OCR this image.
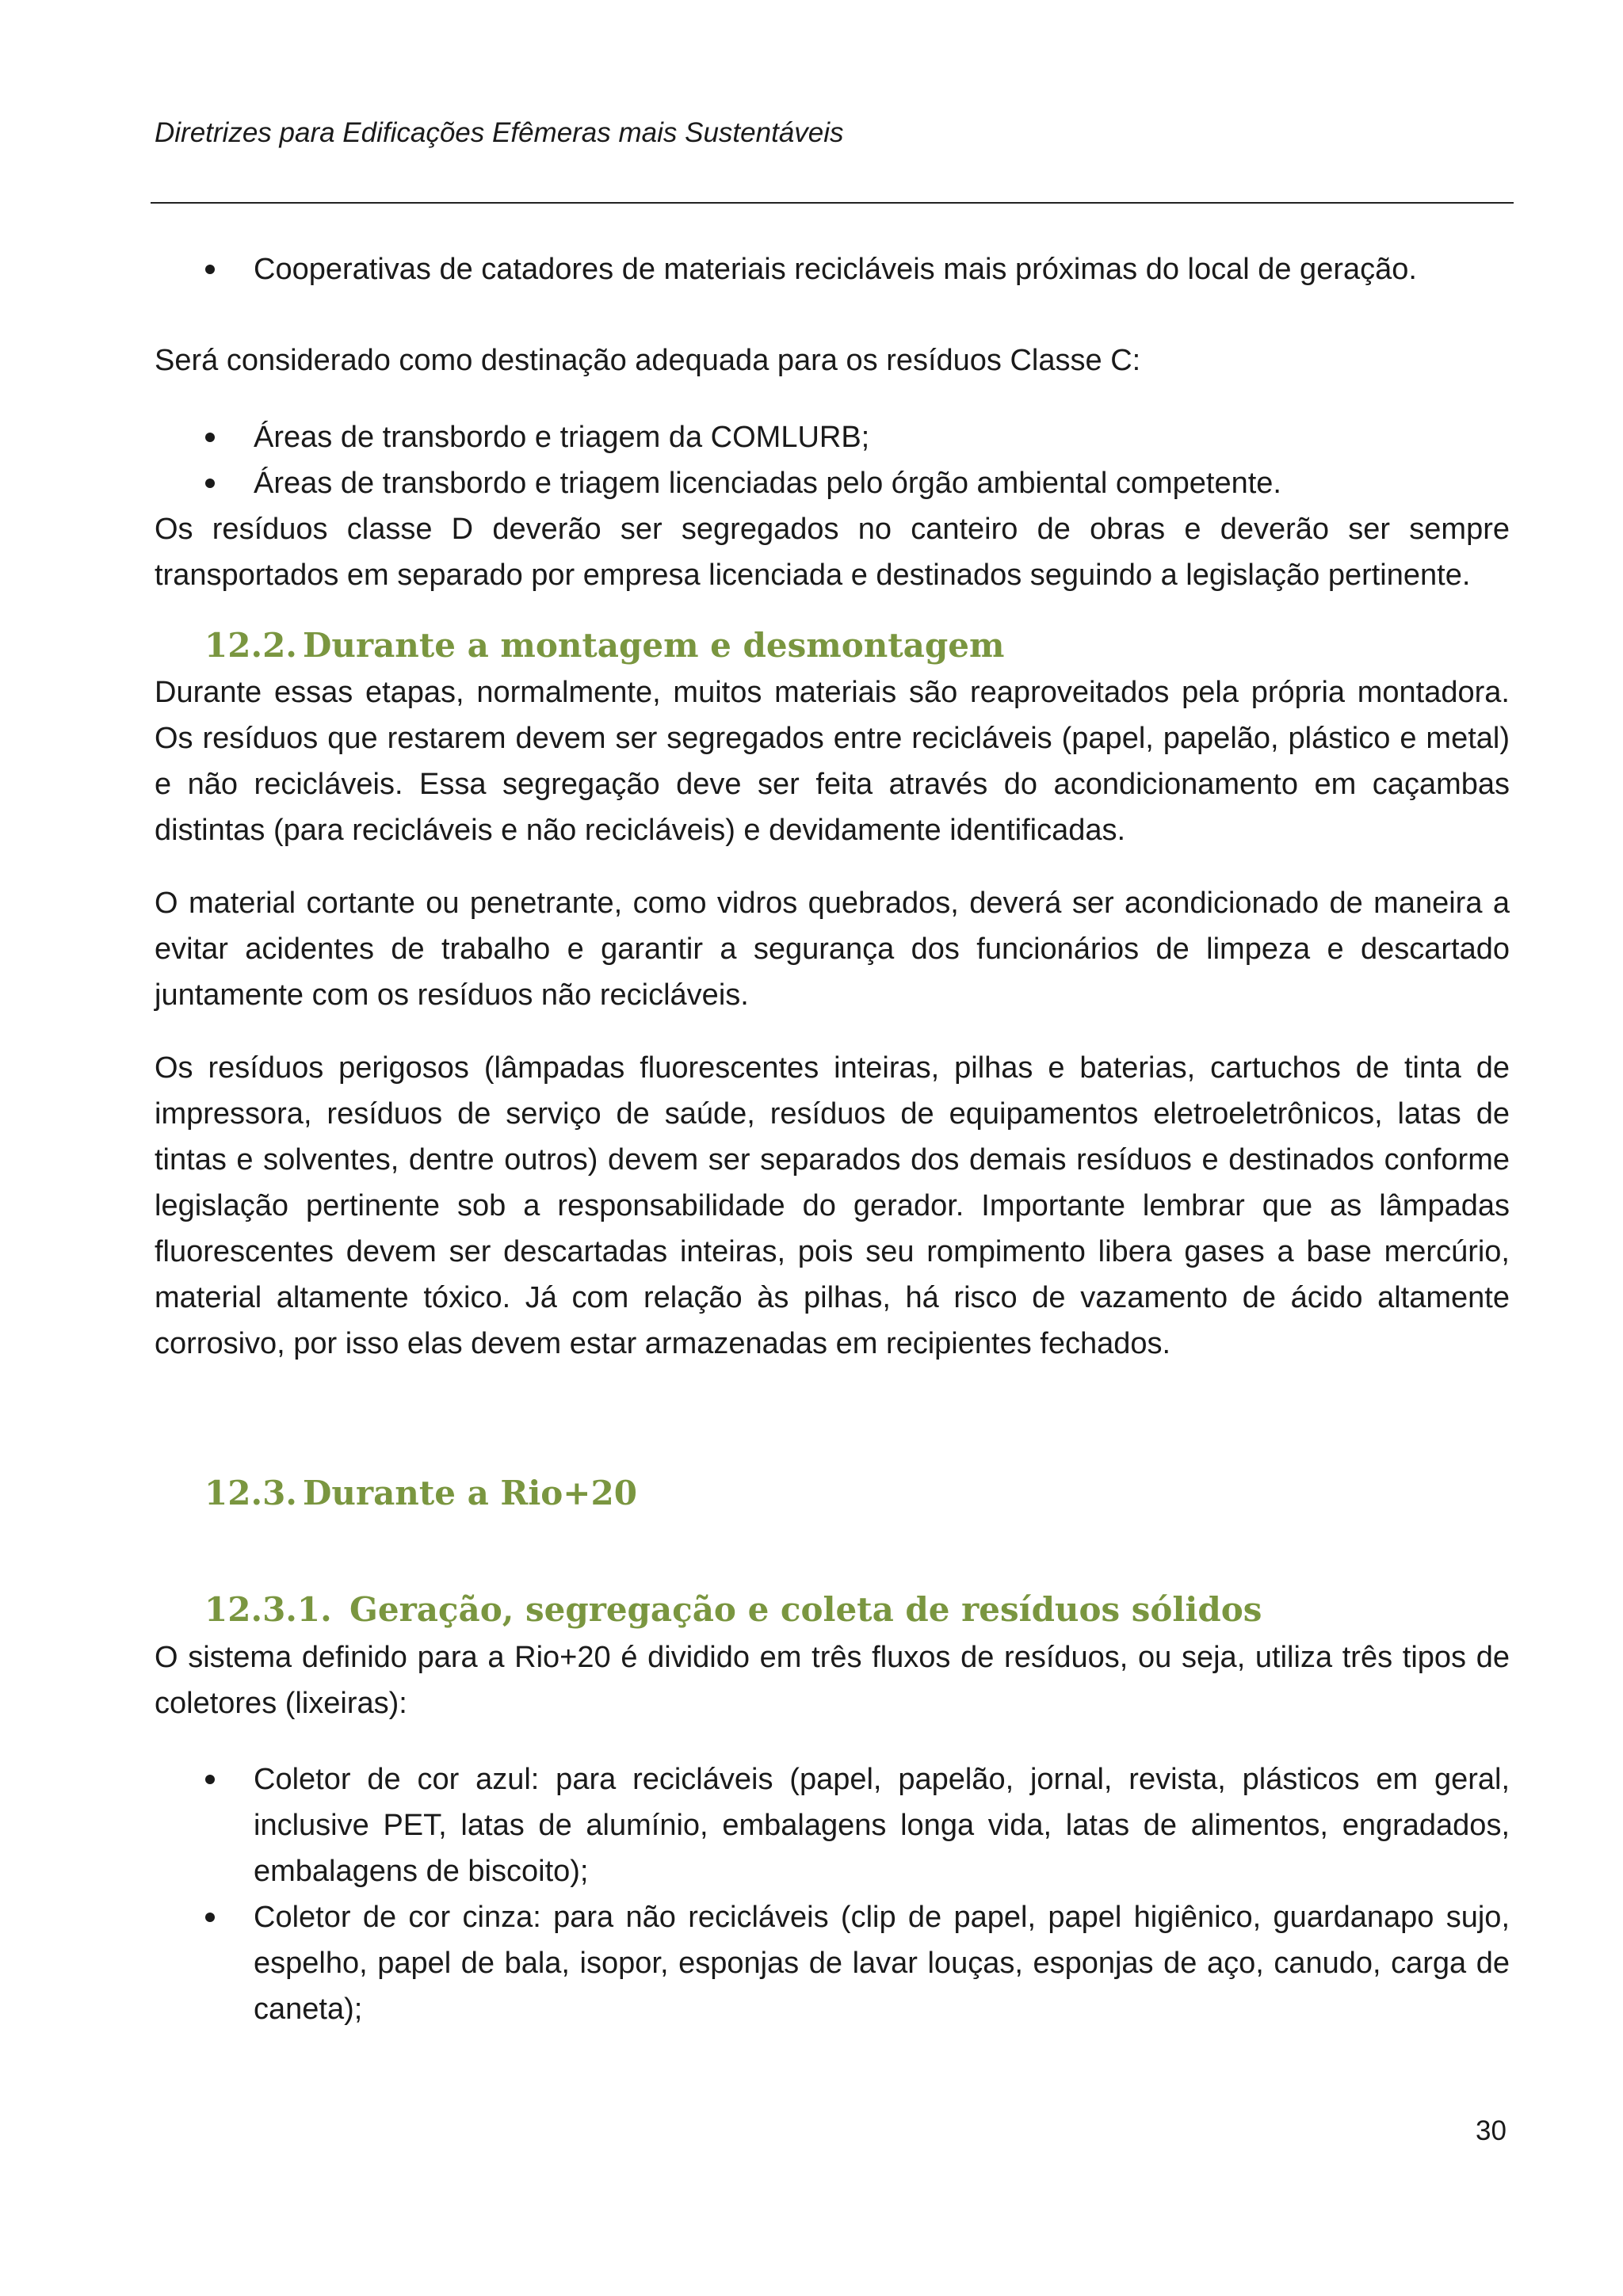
Diretrizes para Edificações Efêmeras mais Sustentáveis
Cooperativas de catadores de materiais recicláveis mais próximas do local de geração.

Será considerado como destinação adequada para os resíduos Classe C:

Áreas de transbordo e triagem da COMLURB;
Áreas de transbordo e triagem licenciadas pelo órgão ambiental competente.

Os resíduos classe D deverão ser segregados no canteiro de obras e deverão ser sempre transportados em separado por empresa licenciada e destinados seguindo a legislação pertinente.

12.2. Durante a montagem e desmontagem

Durante essas etapas, normalmente, muitos materiais são reaproveitados pela própria montadora. Os resíduos que restarem devem ser segregados entre recicláveis (papel, papelão, plástico e metal) e não recicláveis. Essa segregação deve ser feita através do acondicionamento em caçambas distintas (para recicláveis e não recicláveis) e devidamente identificadas.

O material cortante ou penetrante, como vidros quebrados, deverá ser acondicionado de maneira a evitar acidentes de trabalho e garantir a segurança dos funcionários de limpeza e descartado juntamente com os resíduos não recicláveis.

Os resíduos perigosos (lâmpadas fluorescentes inteiras, pilhas e baterias, cartuchos de tinta de impressora, resíduos de serviço de saúde, resíduos de equipamentos eletroeletrônicos, latas de tintas e solventes, dentre outros) devem ser separados dos demais resíduos e destinados conforme legislação pertinente sob a responsabilidade do gerador. Importante lembrar que as lâmpadas fluorescentes devem ser descartadas inteiras, pois seu rompimento libera gases a base mercúrio, material altamente tóxico. Já com relação às pilhas, há risco de vazamento de ácido altamente corrosivo, por isso elas devem estar armazenadas em recipientes fechados.

12.3. Durante a Rio+20
12.3.1. Geração, segregação e coleta de resíduos sólidos

O sistema definido para a Rio+20 é dividido em três fluxos de resíduos, ou seja, utiliza três tipos de coletores (lixeiras):

Coletor de cor azul: para recicláveis (papel, papelão, jornal, revista, plásticos em geral, inclusive PET, latas de alumínio, embalagens longa vida, latas de alimentos, engradados, embalagens de biscoito);
Coletor de cor cinza: para não recicláveis (clip de papel, papel higiênico, guardanapo sujo, espelho, papel de bala, isopor, esponjas de lavar louças, esponjas de aço, canudo, carga de caneta);
30
